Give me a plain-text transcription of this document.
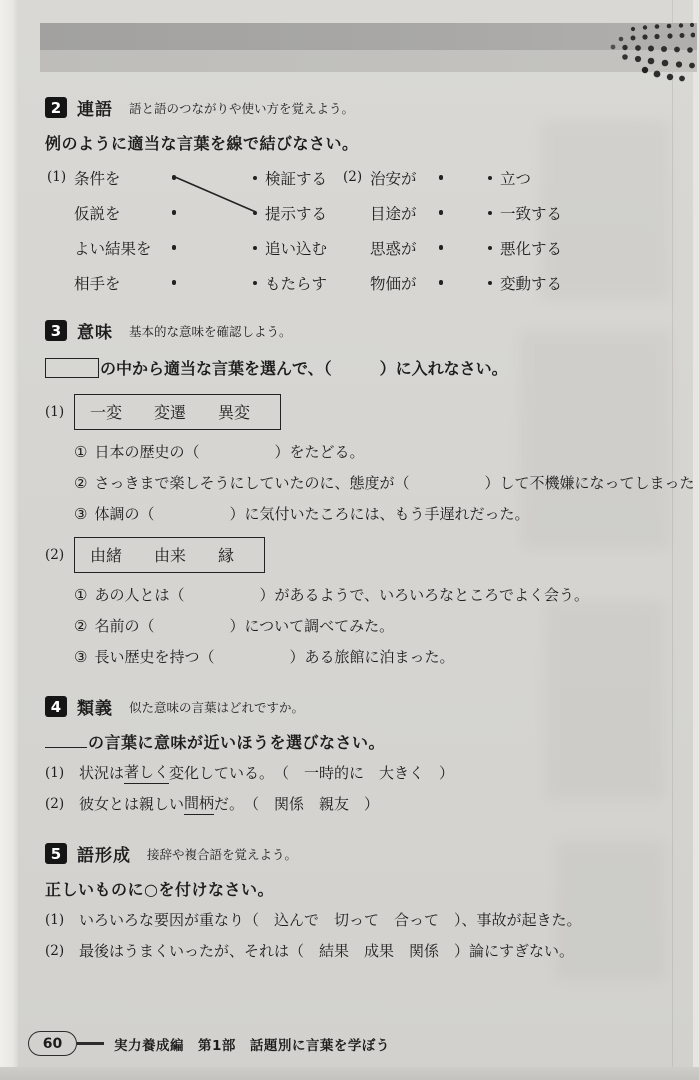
2 連語 語と語のつながりや使い方を覚えよう。
例のように適当な言葉を線で結びなさい。
(1) 条件を	検証する
仮説を	提示する
よい結果を	追い込む
相手を	もたらす
(2) 治安が	立つ
目途が	一致する
思惑が	悪化する
物価が	変動する
3 意味 基本的な意味を確認しよう。
の中から適当な言葉を選んで、（　　　）に入れなさい。
(1)	一変 変遷 異変
① 日本の歴史の（　　　　　）をたどる。
② さっきまで楽しそうにしていたのに、態度が（　　　　　）して不機嫌になってしまった
③ 体調の（　　　　　）に気付いたころには、もう手遅れだった。
(2)	由緒 由来 縁
① あの人とは（　　　　　）があるようで、いろいろなところでよく会う。
② 名前の（　　　　　）について調べてみた。
③ 長い歴史を持つ（　　　　　）ある旅館に泊まった。
4 類義 似た意味の言葉はどれですか。
の言葉に意味が近いほうを選びなさい。
(1) 状況は 著しく 変化している。 （　一時的に　大きく　）
(2) 彼女とは親しい 間柄 だ。 （　関係　親友　）
5 語形成 接辞や複合語を覚えよう。
正しいものに○を付けなさい。
(1) いろいろな要因が重なり（　込んで　切って　合って　）、事故が起きた。
(2) 最後はうまくいったが、それは（　結果　成果　関係　）論にすぎない。
60	実力養成編　第1部　話題別に言葉を学ぼう
